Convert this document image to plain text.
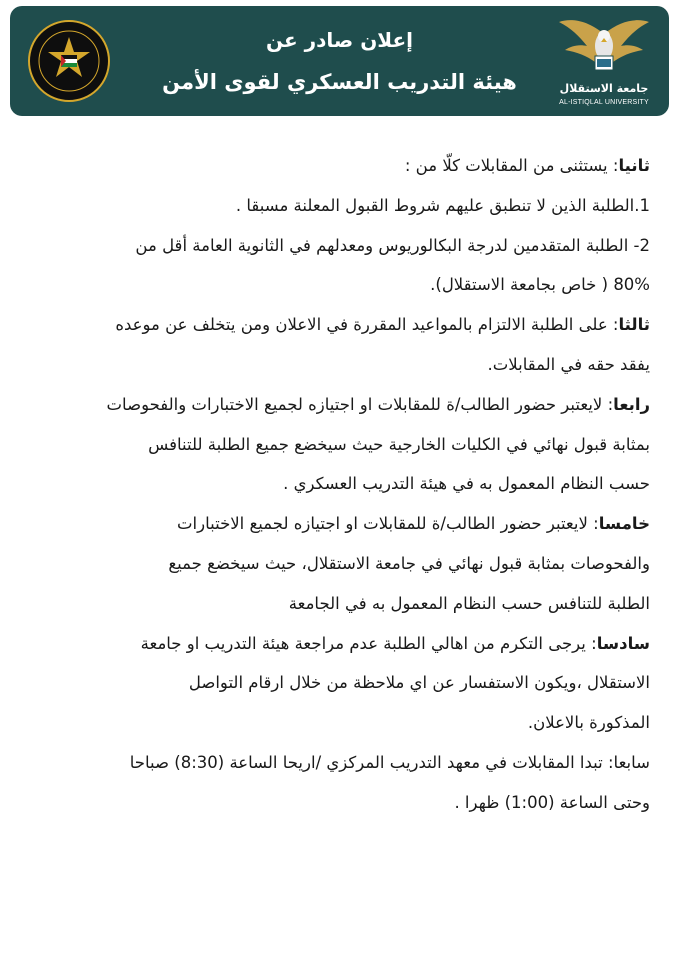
إعلان صادر عن
هيئة التدريب العسكري لقوى الأمن	جامعة الاستقلال
AL-ISTIQLAL UNIVERSITY

ثانيا: يستثنى من المقابلات كلّا من :

1.الطلبة الذين لا تنطبق عليهم شروط القبول المعلنة مسبقا .

2- الطلبة المتقدمين لدرجة البكالوريوس ومعدلهم في الثانوية العامة أقل من

80% ( خاص بجامعة الاستقلال).

ثالثا: على الطلبة الالتزام بالمواعيد المقررة في الاعلان ومن يتخلف عن موعده

يفقد حقه في المقابلات.

رابعا: لايعتبر حضور الطالب/ة للمقابلات او اجتيازه لجميع الاختبارات والفحوصات

بمثابة قبول نهائي في الكليات الخارجية حيث سيخضع جميع الطلبة للتنافس

حسب النظام المعمول به في هيئة التدريب العسكري .

خامسا: لايعتبر حضور الطالب/ة للمقابلات او اجتيازه لجميع الاختبارات

والفحوصات بمثابة قبول نهائي في جامعة الاستقلال، حيث سيخضع جميع

الطلبة للتنافس حسب النظام المعمول به في الجامعة

سادسا: يرجى التكرم من اهالي الطلبة عدم مراجعة هيئة التدريب او جامعة

الاستقلال ،ويكون الاستفسار عن اي ملاحظة من خلال ارقام التواصل

المذكورة بالاعلان.

سابعا: تبدا المقابلات في معهد التدريب المركزي /اريحا الساعة (8:30) صباحا

وحتى الساعة (1:00) ظهرا .
